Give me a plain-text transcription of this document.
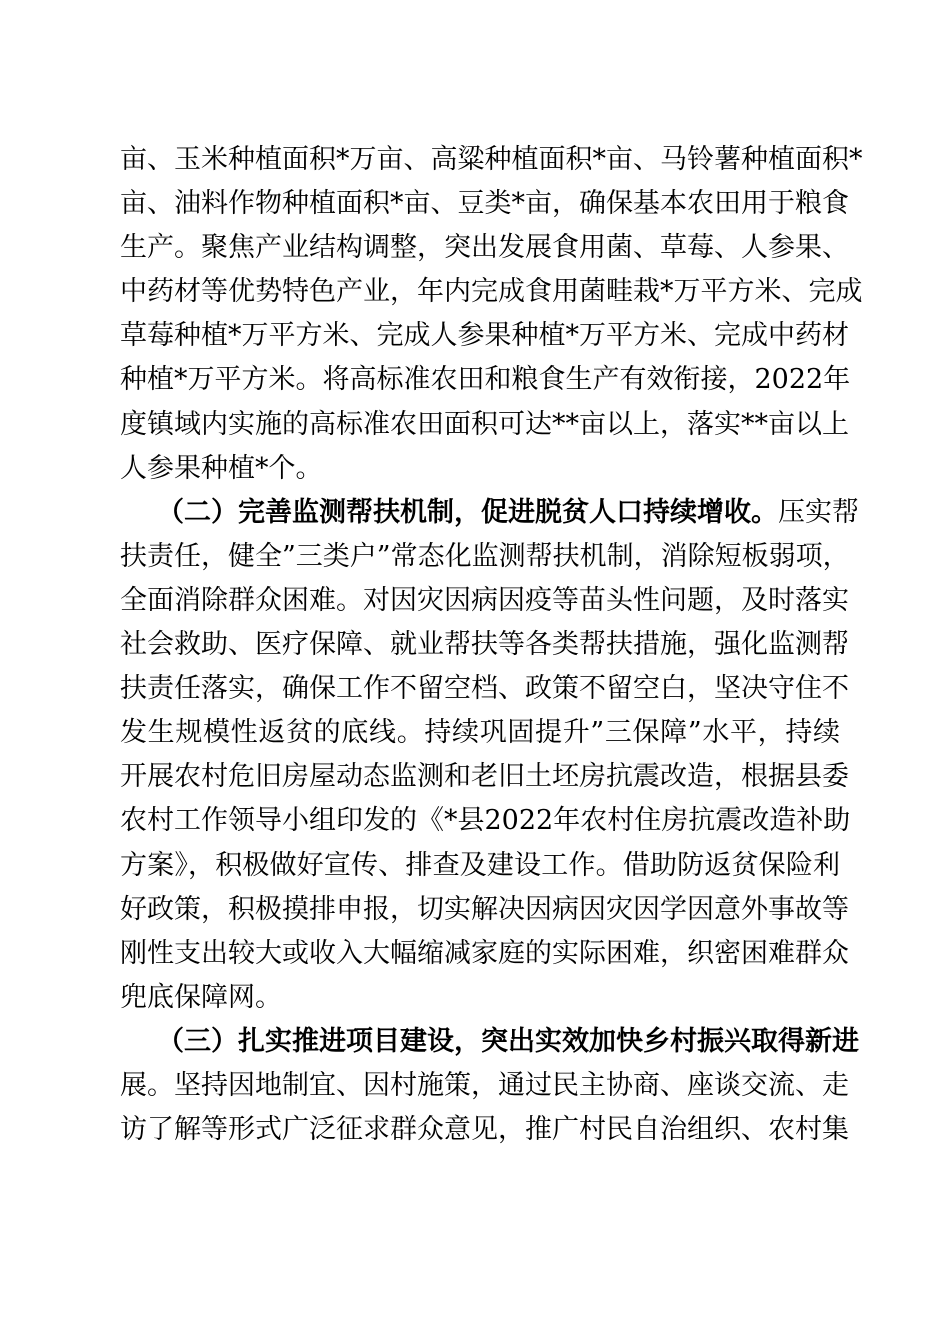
亩、玉米种植面积*万亩、高粱种植面积*亩、马铃薯种植面积*
亩、油料作物种植面积*亩、豆类*亩，确保基本农田用于粮食
生产。聚焦产业结构调整，突出发展食用菌、草莓、人参果、
中药材等优势特色产业，年内完成食用菌畦栽*万平方米、完成
草莓种植*万平方米、完成人参果种植*万平方米、完成中药材
种植*万平方米。将高标准农田和粮食生产有效衔接，2022年
度镇域内实施的高标准农田面积可达**亩以上，落实**亩以上
人参果种植*个。
（二）完善监测帮扶机制，促进脱贫人口持续增收。压实帮
扶责任，健全”三类户”常态化监测帮扶机制，消除短板弱项，
全面消除群众困难。对因灾因病因疫等苗头性问题，及时落实
社会救助、医疗保障、就业帮扶等各类帮扶措施，强化监测帮
扶责任落实，确保工作不留空档、政策不留空白，坚决守住不
发生规模性返贫的底线。持续巩固提升”三保障”水平，持续
开展农村危旧房屋动态监测和老旧土坯房抗震改造，根据县委
农村工作领导小组印发的《*县2022年农村住房抗震改造补助
方案》，积极做好宣传、排查及建设工作。借助防返贫保险利
好政策，积极摸排申报，切实解决因病因灾因学因意外事故等
刚性支出较大或收入大幅缩减家庭的实际困难，织密困难群众
兜底保障网。
（三）扎实推进项目建设，突出实效加快乡村振兴取得新进
展。坚持因地制宜、因村施策，通过民主协商、座谈交流、走
访了解等形式广泛征求群众意见，推广村民自治组织、农村集
